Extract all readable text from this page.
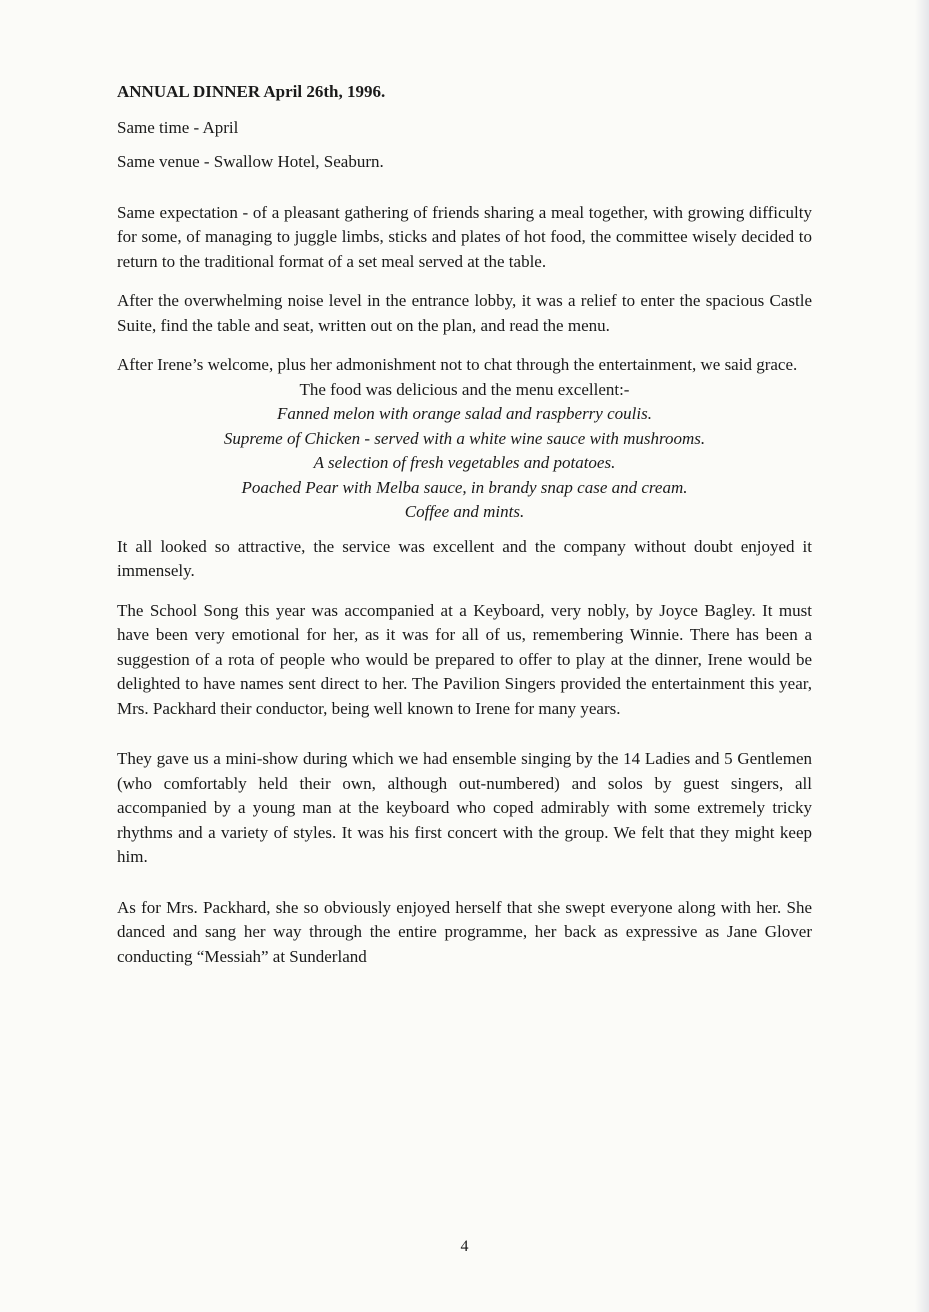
ANNUAL DINNER April 26th, 1996.

Same time - April

Same venue - Swallow Hotel, Seaburn.

Same expectation - of a pleasant gathering of friends sharing a meal together, with growing difficulty for some, of managing to juggle limbs, sticks and plates of hot food, the committee wisely decided to return to the traditional format of a set meal served at the table.

After the overwhelming noise level in the entrance lobby, it was a relief to enter the spacious Castle Suite, find the table and seat, written out on the plan, and read the menu.

After Irene’s welcome, plus her admonishment not to chat through the entertainment, we said grace.

The food was delicious and the menu excellent:-
Fanned melon with orange salad and raspberry coulis.
Supreme of Chicken - served with a white wine sauce with mushrooms.
A selection of fresh vegetables and potatoes.
Poached Pear with Melba sauce, in brandy snap case and cream.
Coffee and mints.

It all looked so attractive, the service was excellent and the company without doubt enjoyed it immensely.

The School Song this year was accompanied at a Keyboard, very nobly, by Joyce Bagley. It must have been very emotional for her, as it was for all of us, remembering Winnie. There has been a suggestion of a rota of people who would be prepared to offer to play at the dinner, Irene would be delighted to have names sent direct to her. The Pavilion Singers provided the entertainment this year, Mrs. Packhard their conductor, being well known to Irene for many years.

They gave us a mini-show during which we had ensemble singing by the 14 Ladies and 5 Gentlemen (who comfortably held their own, although out-numbered) and solos by guest singers, all accompanied by a young man at the keyboard who coped admirably with some extremely tricky rhythms and a variety of styles. It was his first concert with the group. We felt that they might keep him.

As for Mrs. Packhard, she so obviously enjoyed herself that she swept everyone along with her. She danced and sang her way through the entire programme, her back as expressive as Jane Glover conducting “Messiah” at Sunderland

4
